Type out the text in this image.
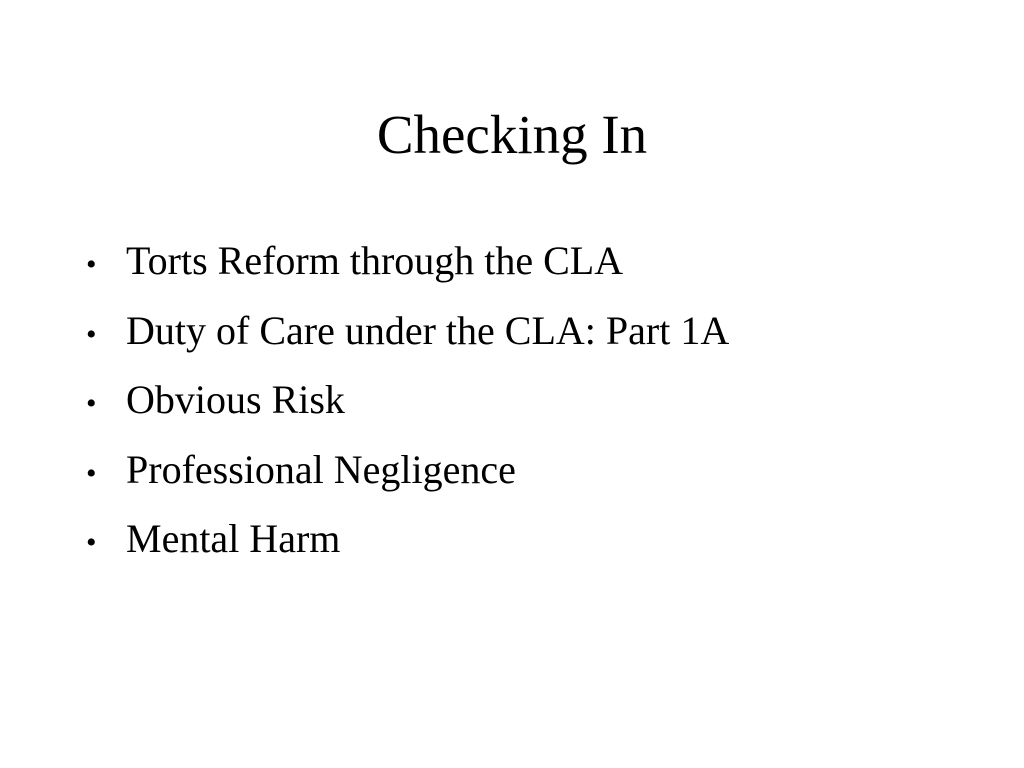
Checking In
• Torts Reform through the CLA
• Duty of Care under the CLA: Part 1A
• Obvious Risk
• Professional Negligence
• Mental Harm
